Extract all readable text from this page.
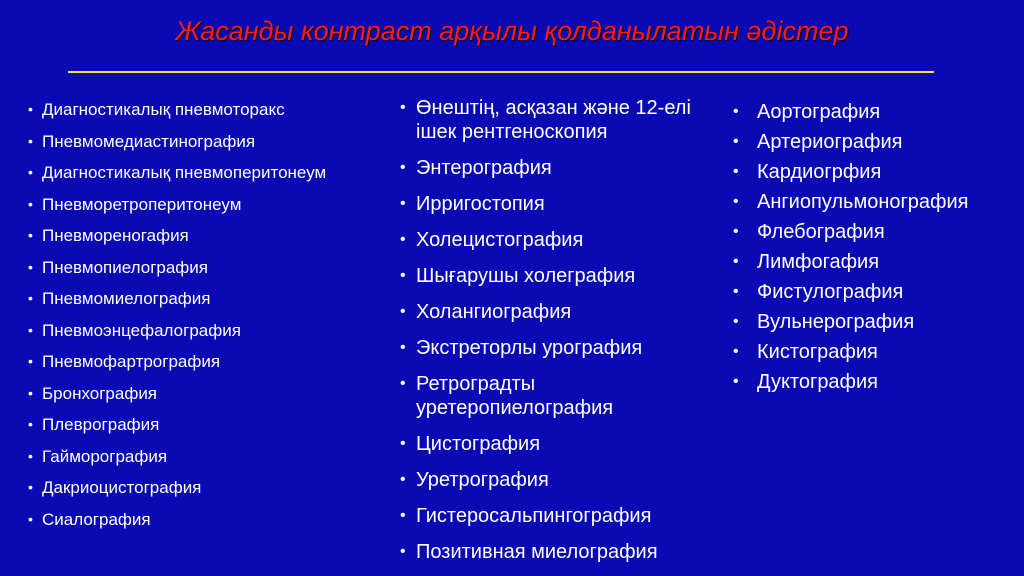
Жасанды контраст арқылы қолданылатын әдістер
• Диагностикалық пневмоторакс
• Пневмомедиастинография
• Диагностикалық пневмоперитонеум
• Пневморетроперитонеум
• Пневмореногафия
• Пневмопиелография
• Пневмомиелография
• Пневмоэнцефалография
• Пневмофартрография
• Бронхография
• Плеврография
• Гайморография
• Дакриоцистография
• Сиалография
• Өнештің, асқазан және 12-елі ішек рентгеноскопия
• Энтерография
• Ирригостопия
• Холецистография
• Шығарушы холеграфия
• Холангиография
• Экстреторлы урография
• Ретроградты уретеропиелография
• Цистография
• Уретрография
• Гистеросальпингография
• Позитивная миелография
• Аортография
• Артериография
• Кардиогрфия
• Ангиопульмонография
• Флебография
• Лимфогафия
• Фистулография
• Вульнерография
• Кистография
• Дуктография
